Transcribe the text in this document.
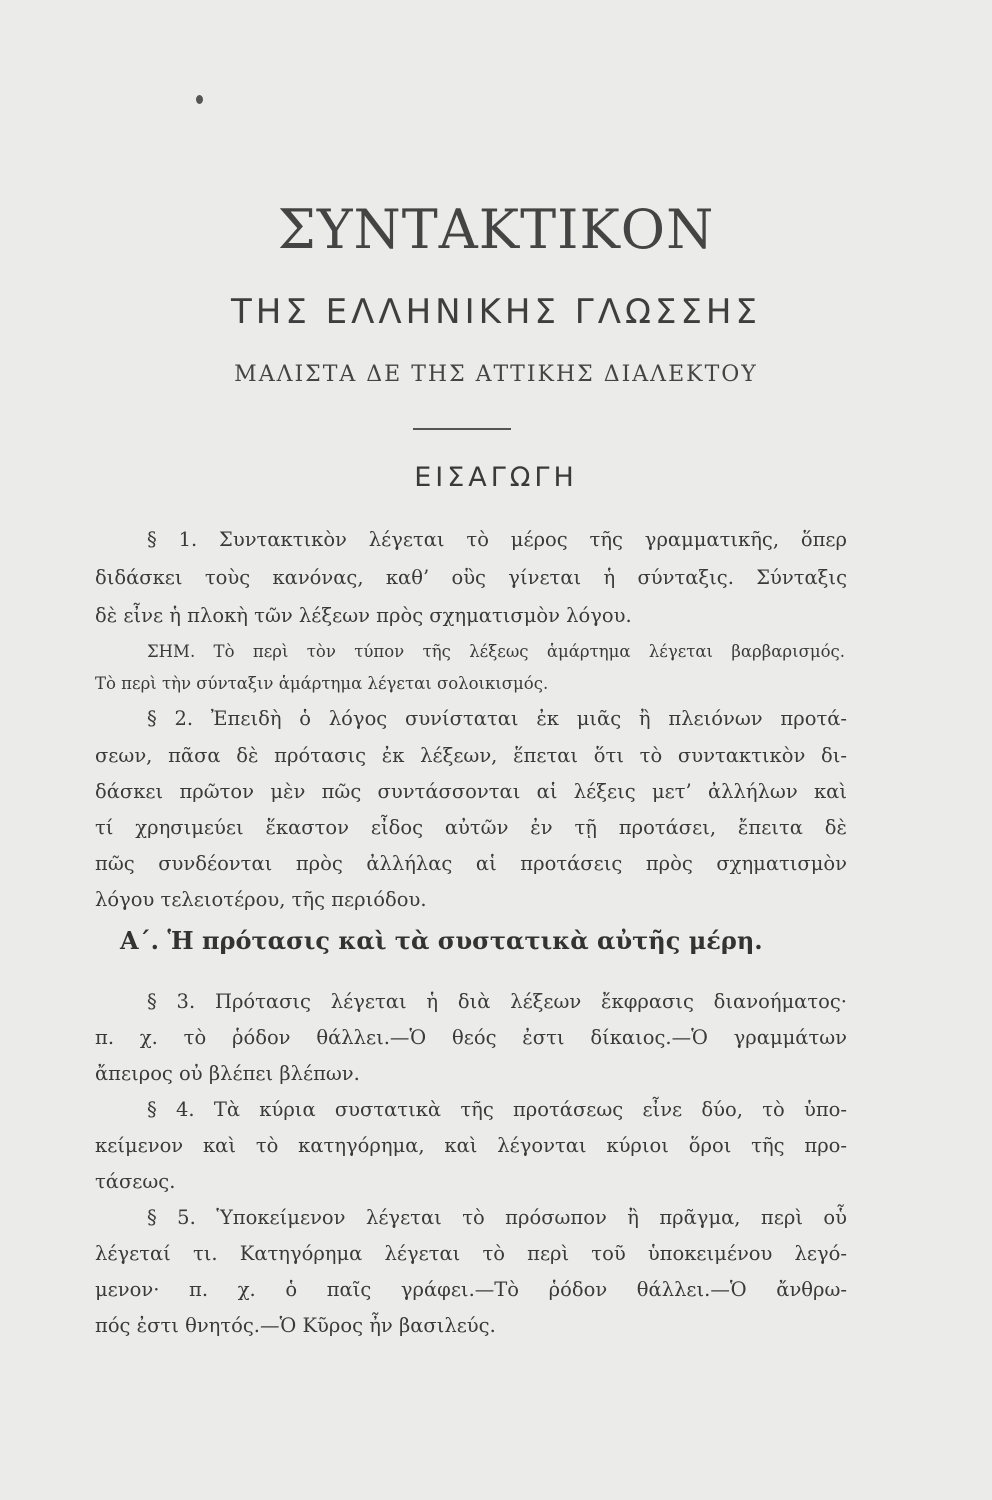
ΣΥΝΤΑΚΤΙΚΟΝ
ΤΗΣ ΕΛΛΗΝΙΚΗΣ ΓΛΩΣΣΗΣ
ΜΑΛΙΣΤΑ ΔΕ ΤΗΣ ΑΤΤΙΚΗΣ ΔΙΑΛΕΚΤΟΥ
ΕΙΣΑΓΩΓΗ
§ 1. Συντακτικὸν λέγεται τὸ μέρος τῆς γραμματικῆς, ὅπερ
διδάσκει τοὺς κανόνας, καθ’ οὓς γίνεται ἡ σύνταξις. Σύνταξις
δὲ εἶνε ἡ πλοκὴ τῶν λέξεων πρὸς σχηματισμὸν λόγου.
ΣΗΜ. Τὸ περὶ τὸν τύπον τῆς λέξεως ἁμάρτημα λέγεται βαρβαρισμός.
Τὸ περὶ τὴν σύνταξιν ἁμάρτημα λέγεται σολοικισμός.
§ 2. Ἐπειδὴ ὁ λόγος συνίσταται ἐκ μιᾶς ἢ πλειόνων προτά-
σεων, πᾶσα δὲ πρότασις ἐκ λέξεων, ἕπεται ὅτι τὸ συντακτικὸν δι-
δάσκει πρῶτον μὲν πῶς συντάσσονται αἱ λέξεις μετ’ ἀλλήλων καὶ
τί χρησιμεύει ἕκαστον εἶδος αὐτῶν ἐν τῇ προτάσει, ἔπειτα δὲ
πῶς συνδέονται πρὸς ἀλλήλας αἱ προτάσεις πρὸς σχηματισμὸν
λόγου τελειοτέρου, τῆς περιόδου.
Α΄. Ἡ πρότασις καὶ τὰ συστατικὰ αὐτῆς μέρη.
§ 3. Πρότασις λέγεται ἡ διὰ λέξεων ἔκφρασις διανοήματος·
π. χ. τὸ ῥόδον θάλλει.—Ὁ θεός ἐστι δίκαιος.—Ὁ γραμμάτων
ἄπειρος οὐ βλέπει βλέπων.
§ 4. Τὰ κύρια συστατικὰ τῆς προτάσεως εἶνε δύο, τὸ ὑπο-
κείμενον καὶ τὸ κατηγόρημα, καὶ λέγονται κύριοι ὅροι τῆς προ-
τάσεως.
§ 5. Ὑποκείμενον λέγεται τὸ πρόσωπον ἢ πρᾶγμα, περὶ οὗ
λέγεταί τι. Κατηγόρημα λέγεται τὸ περὶ τοῦ ὑποκειμένου λεγό-
μενον· π. χ. ὁ παῖς γράφει.—Τὸ ῥόδον θάλλει.—Ὁ ἄνθρω-
πός ἐστι θνητός.—Ὁ Κῦρος ἦν βασιλεύς.
